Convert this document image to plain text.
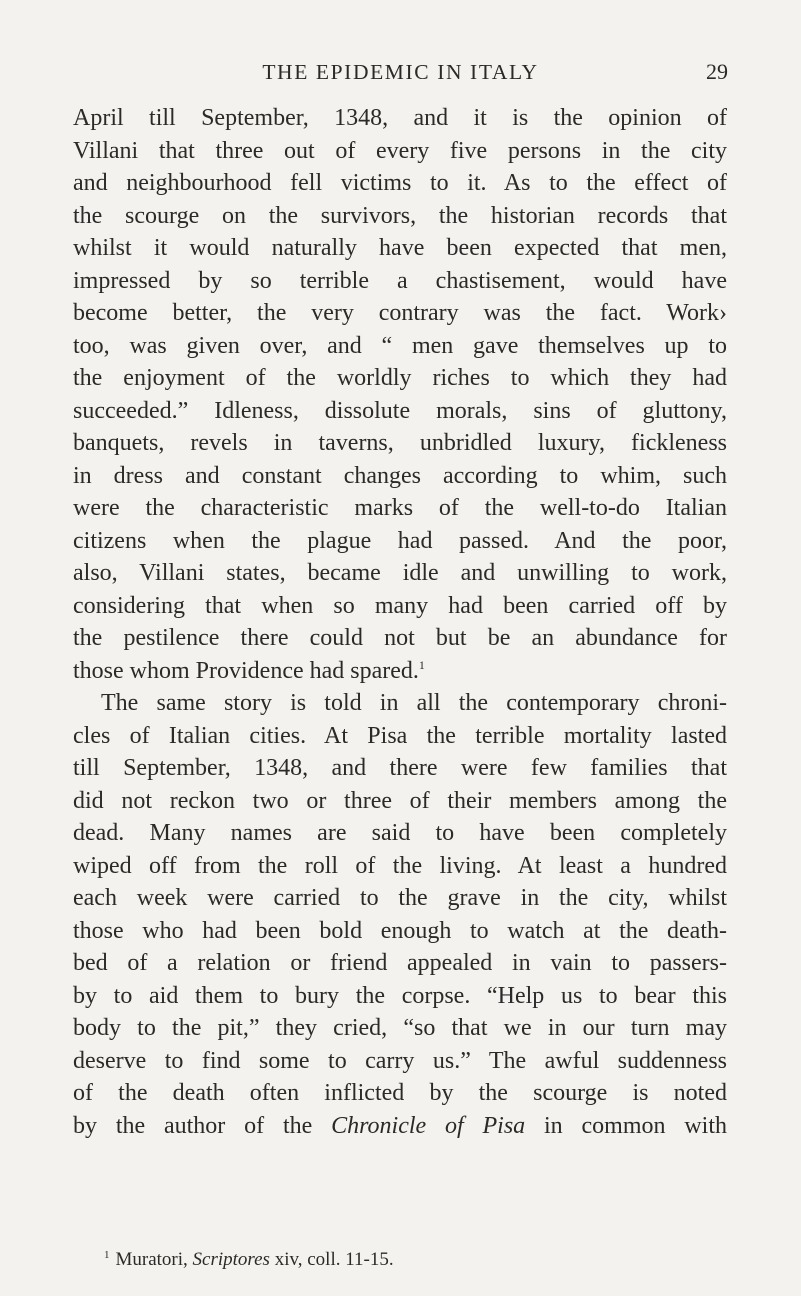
THE EPIDEMIC IN ITALY	29
April till September, 1348, and it is the opinion of
Villani that three out of every five persons in the city
and neighbourhood fell victims to it. As to the effect of
the scourge on the survivors, the historian records that
whilst it would naturally have been expected that men,
impressed by so terrible a chastisement, would have
become better, the very contrary was the fact. Work›
too, was given over, and “ men gave themselves up to
the enjoyment of the worldly riches to which they had
succeeded.” Idleness, dissolute morals, sins of gluttony,
banquets, revels in taverns, unbridled luxury, fickleness
in dress and constant changes according to whim, such
were the characteristic marks of the well-to-do Italian
citizens when the plague had passed. And the poor,
also, Villani states, became idle and unwilling to work,
considering that when so many had been carried off by
the pestilence there could not but be an abundance for
those whom Providence had spared.$^1$
The same story is told in all the contemporary chroni-
cles of Italian cities. At Pisa the terrible mortality lasted
till September, 1348, and there were few families that
did not reckon two or three of their members among the
dead. Many names are said to have been completely
wiped off from the roll of the living. At least a hundred
each week were carried to the grave in the city, whilst
those who had been bold enough to watch at the death-
bed of a relation or friend appealed in vain to passers-
by to aid them to bury the corpse. “Help us to bear this
body to the pit,” they cried, “so that we in our turn may
deserve to find some to carry us.” The awful suddenness
of the death often inflicted by the scourge is noted
by the author of the Chronicle of Pisa in common with
$^1$ Muratori, Scriptores xiv, coll. 11-15.
